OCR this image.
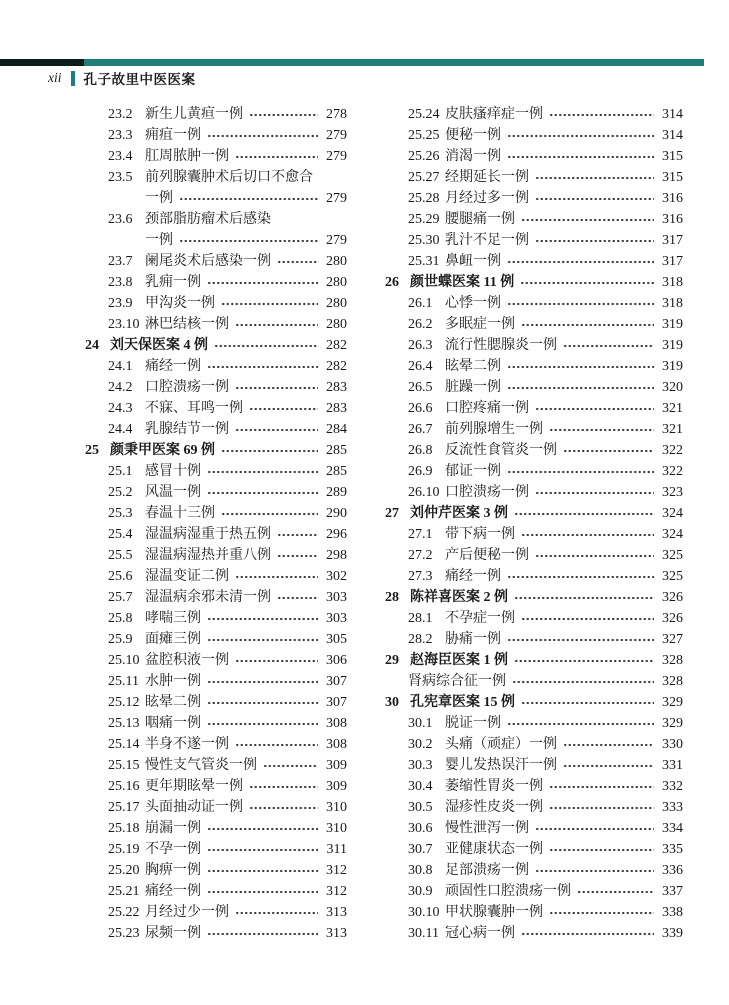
xii 孔子故里中医医案
23.2 新生儿黄疸一例	278
23.3 痈疽一例	279
23.4 肛周脓肿一例	279
23.5 前列腺囊肿术后切口不愈合
一例	279
23.6 颈部脂肪瘤术后感染
一例	279
23.7 阑尾炎术后感染一例	280
23.8 乳痈一例	280
23.9 甲沟炎一例	280
23.10 淋巴结核一例	280
24 刘天保医案 4 例	282
24.1 痛经一例	282
24.2 口腔溃疡一例	283
24.3 不寐、耳鸣一例	283
24.4 乳腺结节一例	284
25 颜秉甲医案 69 例	285
25.1 感冒十例	285
25.2 风温一例	289
25.3 春温十三例	290
25.4 湿温病湿重于热五例	296
25.5 湿温病湿热并重八例	298
25.6 湿温变证二例	302
25.7 湿温病余邪未清一例	303
25.8 哮喘三例	303
25.9 面瘫三例	305
25.10 盆腔积液一例	306
25.11 水肿一例	307
25.12 眩晕二例	307
25.13 咽痛一例	308
25.14 半身不遂一例	308
25.15 慢性支气管炎一例	309
25.16 更年期眩晕一例	309
25.17 头面抽动证一例	310
25.18 崩漏一例	310
25.19 不孕一例	311
25.20 胸痹一例	312
25.21 痛经一例	312
25.22 月经过少一例	313
25.23 尿频一例	313
25.24 皮肤瘙痒症一例	314
25.25 便秘一例	314
25.26 消渴一例	315
25.27 经期延长一例	315
25.28 月经过多一例	316
25.29 腰腿痛一例	316
25.30 乳汁不足一例	317
25.31 鼻衄一例	317
26 颜世蝶医案 11 例	318
26.1 心悸一例	318
26.2 多眠症一例	319
26.3 流行性腮腺炎一例	319
26.4 眩晕二例	319
26.5 脏躁一例	320
26.6 口腔疼痛一例	321
26.7 前列腺增生一例	321
26.8 反流性食管炎一例	322
26.9 郁证一例	322
26.10 口腔溃疡一例	323
27 刘仲芹医案 3 例	324
27.1 带下病一例	324
27.2 产后便秘一例	325
27.3 痛经一例	325
28 陈祥喜医案 2 例	326
28.1 不孕症一例	326
28.2 胁痛一例	327
29 赵海臣医案 1 例	328
肾病综合征一例	328
30 孔宪章医案 15 例	329
30.1 脱证一例	329
30.2 头痛（顽症）一例	330
30.3 婴儿发热误汗一例	331
30.4 萎缩性胃炎一例	332
30.5 湿疹性皮炎一例	333
30.6 慢性泄泻一例	334
30.7 亚健康状态一例	335
30.8 足部溃疡一例	336
30.9 顽固性口腔溃疡一例	337
30.10 甲状腺囊肿一例	338
30.11 冠心病一例	339
